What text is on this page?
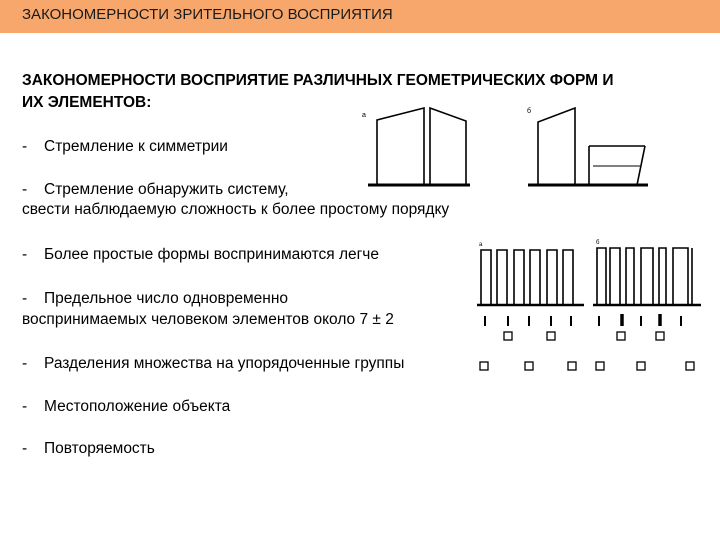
ЗАКОНОМЕРНОСТИ ЗРИТЕЛЬНОГО ВОСПРИЯТИЯ
ЗАКОНОМЕРНОСТИ ВОСПРИЯТИЕ РАЗЛИЧНЫХ ГЕОМЕТРИЧЕСКИХ ФОРМ И
ИХ ЭЛЕМЕНТОВ:
- Стремление к симметрии
- Стремление обнаружить систему,
свести наблюдаемую сложность к более простому порядку
- Более простые формы воспринимаются легче
- Предельное число одновременно
воспринимаемых человеком элементов около 7 ± 2
- Разделения множества на упорядоченные группы
- Местоположение объекта
- Повторяемость
а
б
а	б
